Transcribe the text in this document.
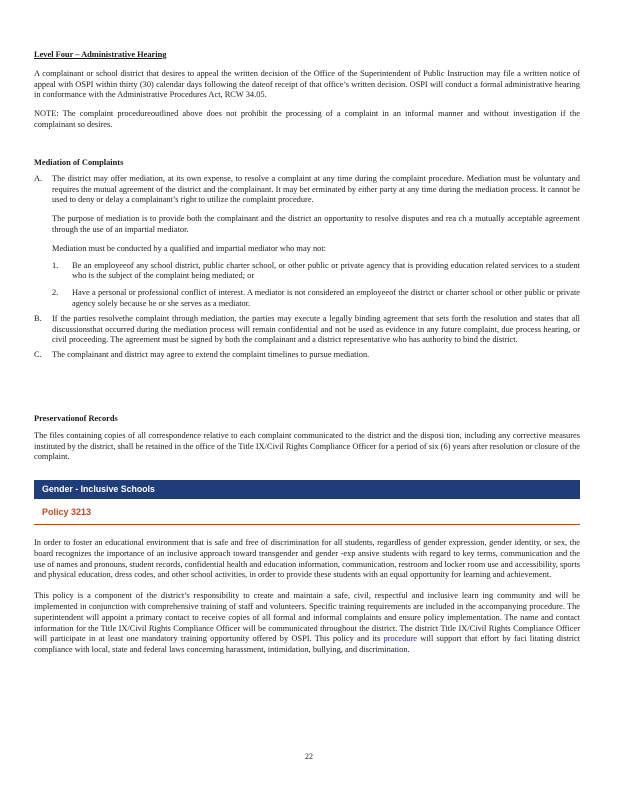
Level Four – Administrative Hearing
A complainant or school district that desires to appeal the written decision of the Office of the Superintendent of Public Instruction may file a written notice of appeal with OSPI within thirty (30) calendar days following the dateof receipt of that office’s written decision. OSPI will conduct a formal administrative hearing in conformance with the Administrative Procedures Act, RCW 34.05.
NOTE: The complaint procedureoutlined above does not prohibit the processing of a complaint in an informal manner and without investigation if the complainant so desires.
Mediation of Complaints
A. The district may offer mediation, at its own expense, to resolve a complaint at any time during the complaint procedure. Mediation must be voluntary and requires the mutual agreement of the district and the complainant. It may bet erminated by either party at any time during the mediation process. It cannot be used to deny or delay a complainant’s right to utilize the complaint procedure.
The purpose of mediation is to provide both the complainant and the district an opportunity to resolve disputes and rea ch a mutually acceptable agreement through the use of an impartial mediator.
Mediation must be conducted by a qualified and impartial mediator who may not:
1. Be an employeeof any school district, public charter school, or other public or private agency that is providing education related services to a student who is the subject of the complaint being mediated; or
2. Have a personal or professional conflict of interest. A mediator is not considered an employeeof the district or charter school or other public or private agency solely because he or she serves as a mediator.
B. If the parties resolvethe complaint through mediation, the parties may execute a legally binding agreement that sets forth the resolution and states that all discussionsthat occurred during the mediation process will remain confidential and not be used as evidence in any future complaint, due process hearing, or civil proceeding. The agreement must be signed by both the complainant and a district representative who has authority to bind the district.
C. The complainant and district may agree to extend the complaint timelines to pursue mediation.
Preservationof Records
The files containing copies of all correspondence relative to each complaint communicated to the district and the disposi tion, including any corrective measures instituted by the district, shall be retained in the office of the Title IX/Civil Rights Compliance Officer for a period of six (6) years after resolution or closure of the complaint.
Gender - Inclusive Schools
Policy 3213
In order to foster an educational environment that is safe and free of discrimination for all students, regardless of gender expression, gender identity, or sex, the board recognizes the importance of an inclusive approach toward transgender and gender -exp ansive students with regard to key terms, communication and the use of names and pronouns, student records, confidential health and education information, communication, restroom and locker room use and accessibility, sports and physical education, dress codes, and other school activities, in order to provide these students with an equal opportunity for learning and achievement.
This policy is a component of the district’s responsibility to create and maintain a safe, civil, respectful and inclusive learn ing community and will be implemented in conjunction with comprehensive training of staff and volunteers. Specific training requirements are included in the accompanying procedure. The superintendent will appoint a primary contact to receive copies of all formal and informal complaints and ensure policy implementation. The name and contact information for the Title IX/Civil Rights Compliance Officer will be communicated throughout the district. The district Title IX/Civil Rights Compliance Officer will participate in at least one mandatory training opportunity offered by OSPI. This policy and its procedure will support that effort by faci litating district compliance with local, state and federal laws concerning harassment, intimidation, bullying, and discrimination.
22
